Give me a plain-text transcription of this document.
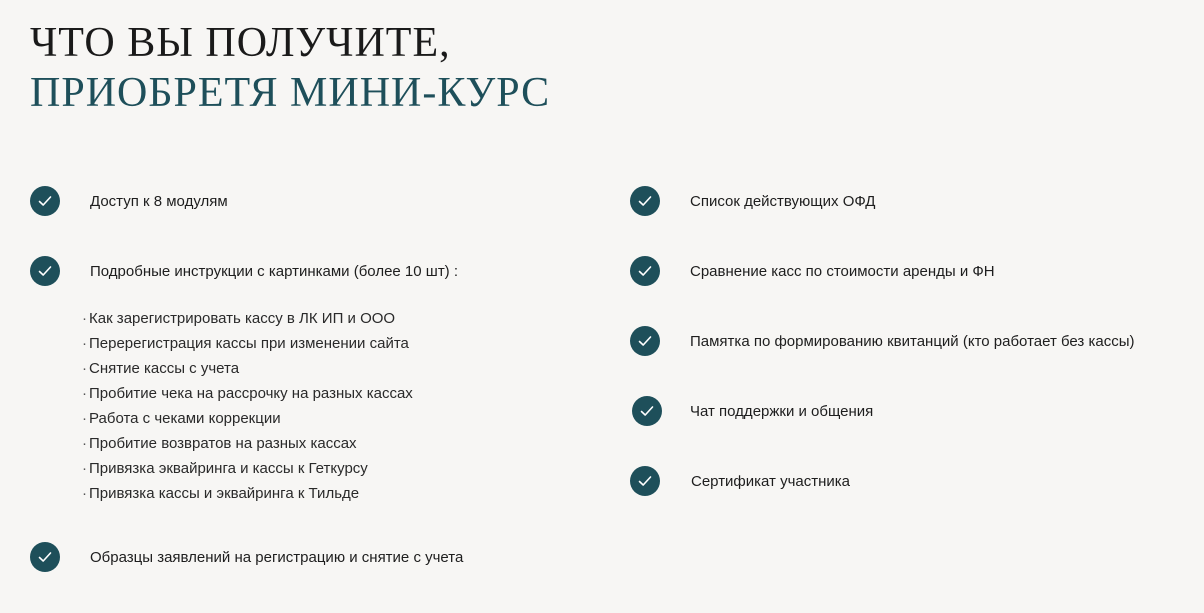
ЧТО ВЫ ПОЛУЧИТЕ,
ПРИОБРЕТЯ МИНИ-КУРС
Доступ к 8 модулям
Подробные инструкции с картинками (более 10 шт) :
· Как зарегистрировать кассу в ЛК ИП и ООО
· Перерегистрация кассы при изменении сайта
· Снятие кассы с учета
· Пробитие чека на рассрочку на разных кассах
· Работа с чеками коррекции
· Пробитие возвратов на разных кассах
· Привязка эквайринга и кассы к Геткурсу
· Привязка кассы и эквайринга к Тильде
Образцы заявлений на регистрацию и снятие с учета
Список действующих ОФД
Сравнение касс по стоимости аренды и ФН
Памятка по формированию квитанций (кто работает без кассы)
Чат поддержки и общения
Сертификат участника
